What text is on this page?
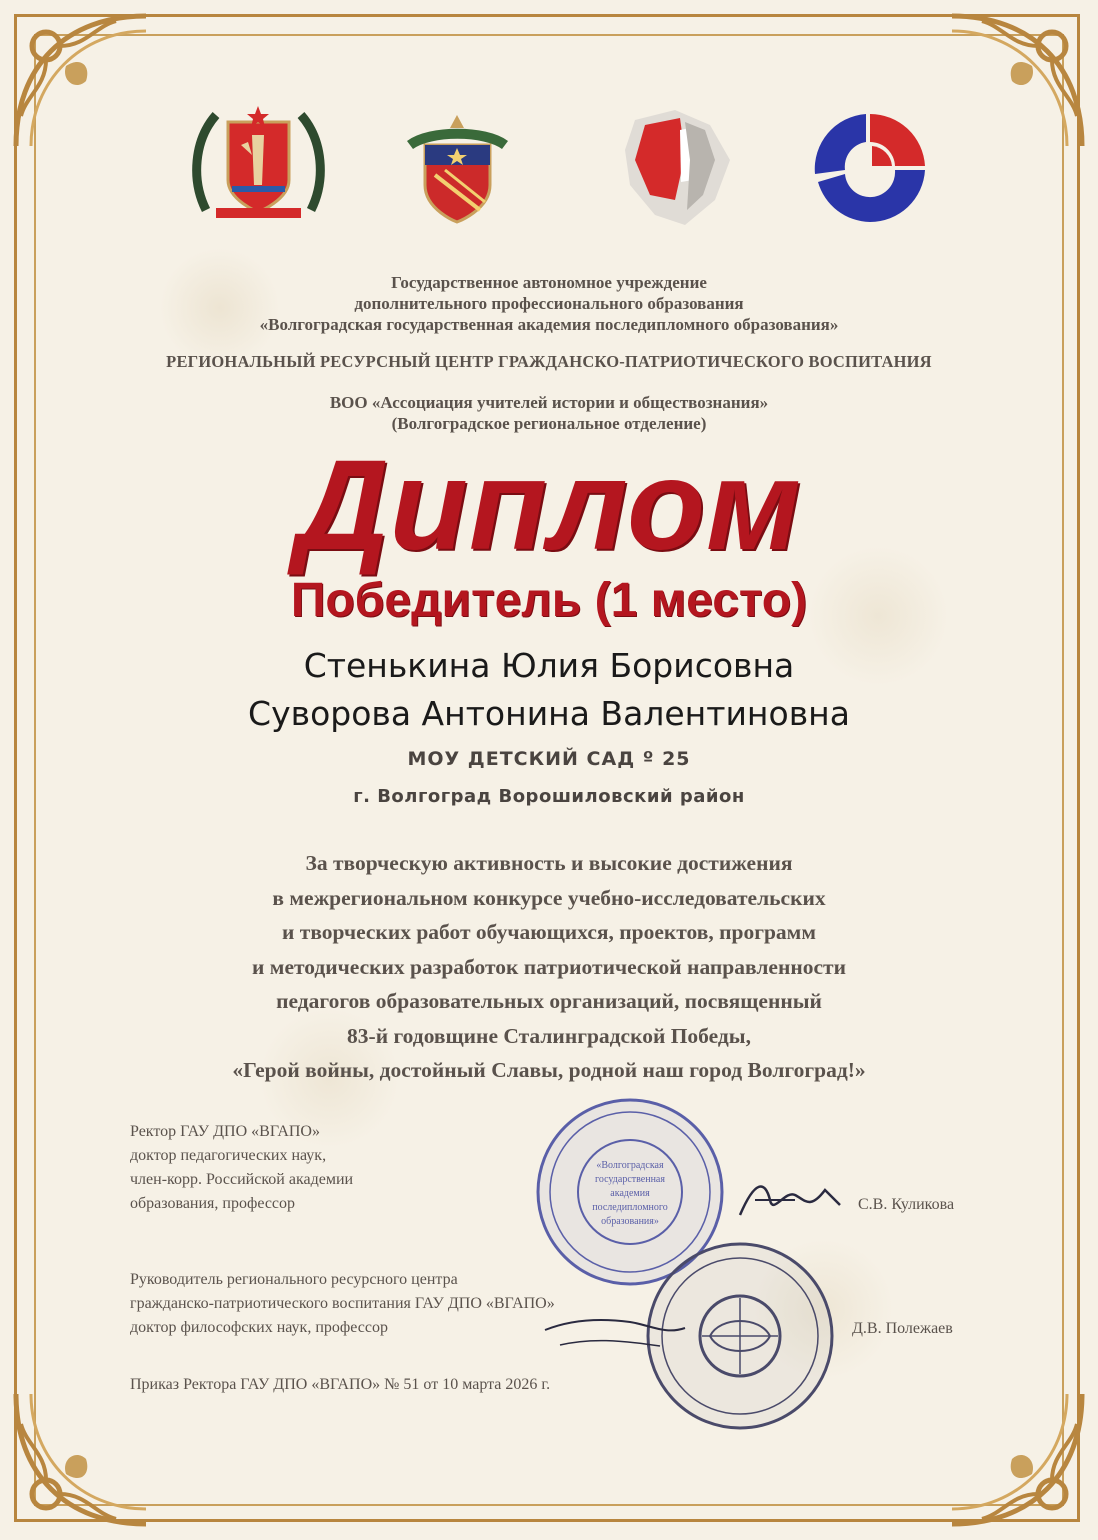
Государственное автономное учреждение
дополнительного профессионального образования
«Волгоградская государственная академия последипломного образования»
РЕГИОНАЛЬНЫЙ РЕСУРСНЫЙ ЦЕНТР ГРАЖДАНСКО-ПАТРИОТИЧЕСКОГО ВОСПИТАНИЯ
ВОО «Ассоциация учителей истории и обществознания»
(Волгоградское региональное отделение)
Диплом
Победитель (1 место)
Стенькина Юлия Борисовна
Суворова Антонина Валентиновна
МОУ ДЕТСКИЙ САД º 25
г. Волгоград Ворошиловский район
За творческую активность и высокие достижения
в межрегиональном конкурсе учебно-исследовательских
и творческих работ обучающихся, проектов, программ
и методических разработок патриотической направленности
педагогов образовательных организаций, посвященный
83-й годовщине Сталинградской Победы,
«Герой войны, достойный Славы, родной наш город Волгоград!»
«Волгоградская
государственная
академия
последипломного
образования»
Ректор ГАУ ДПО «ВГАПО»
доктор педагогических наук,
член-корр. Российской академии
образования, профессор	С.В. Куликова
Руководитель регионального ресурсного центра
гражданско-патриотического воспитания ГАУ ДПО «ВГАПО»
доктор философских наук, профессор	Д.В. Полежаев
Приказ Ректора ГАУ ДПО «ВГАПО» № 51 от 10 марта 2026 г.
